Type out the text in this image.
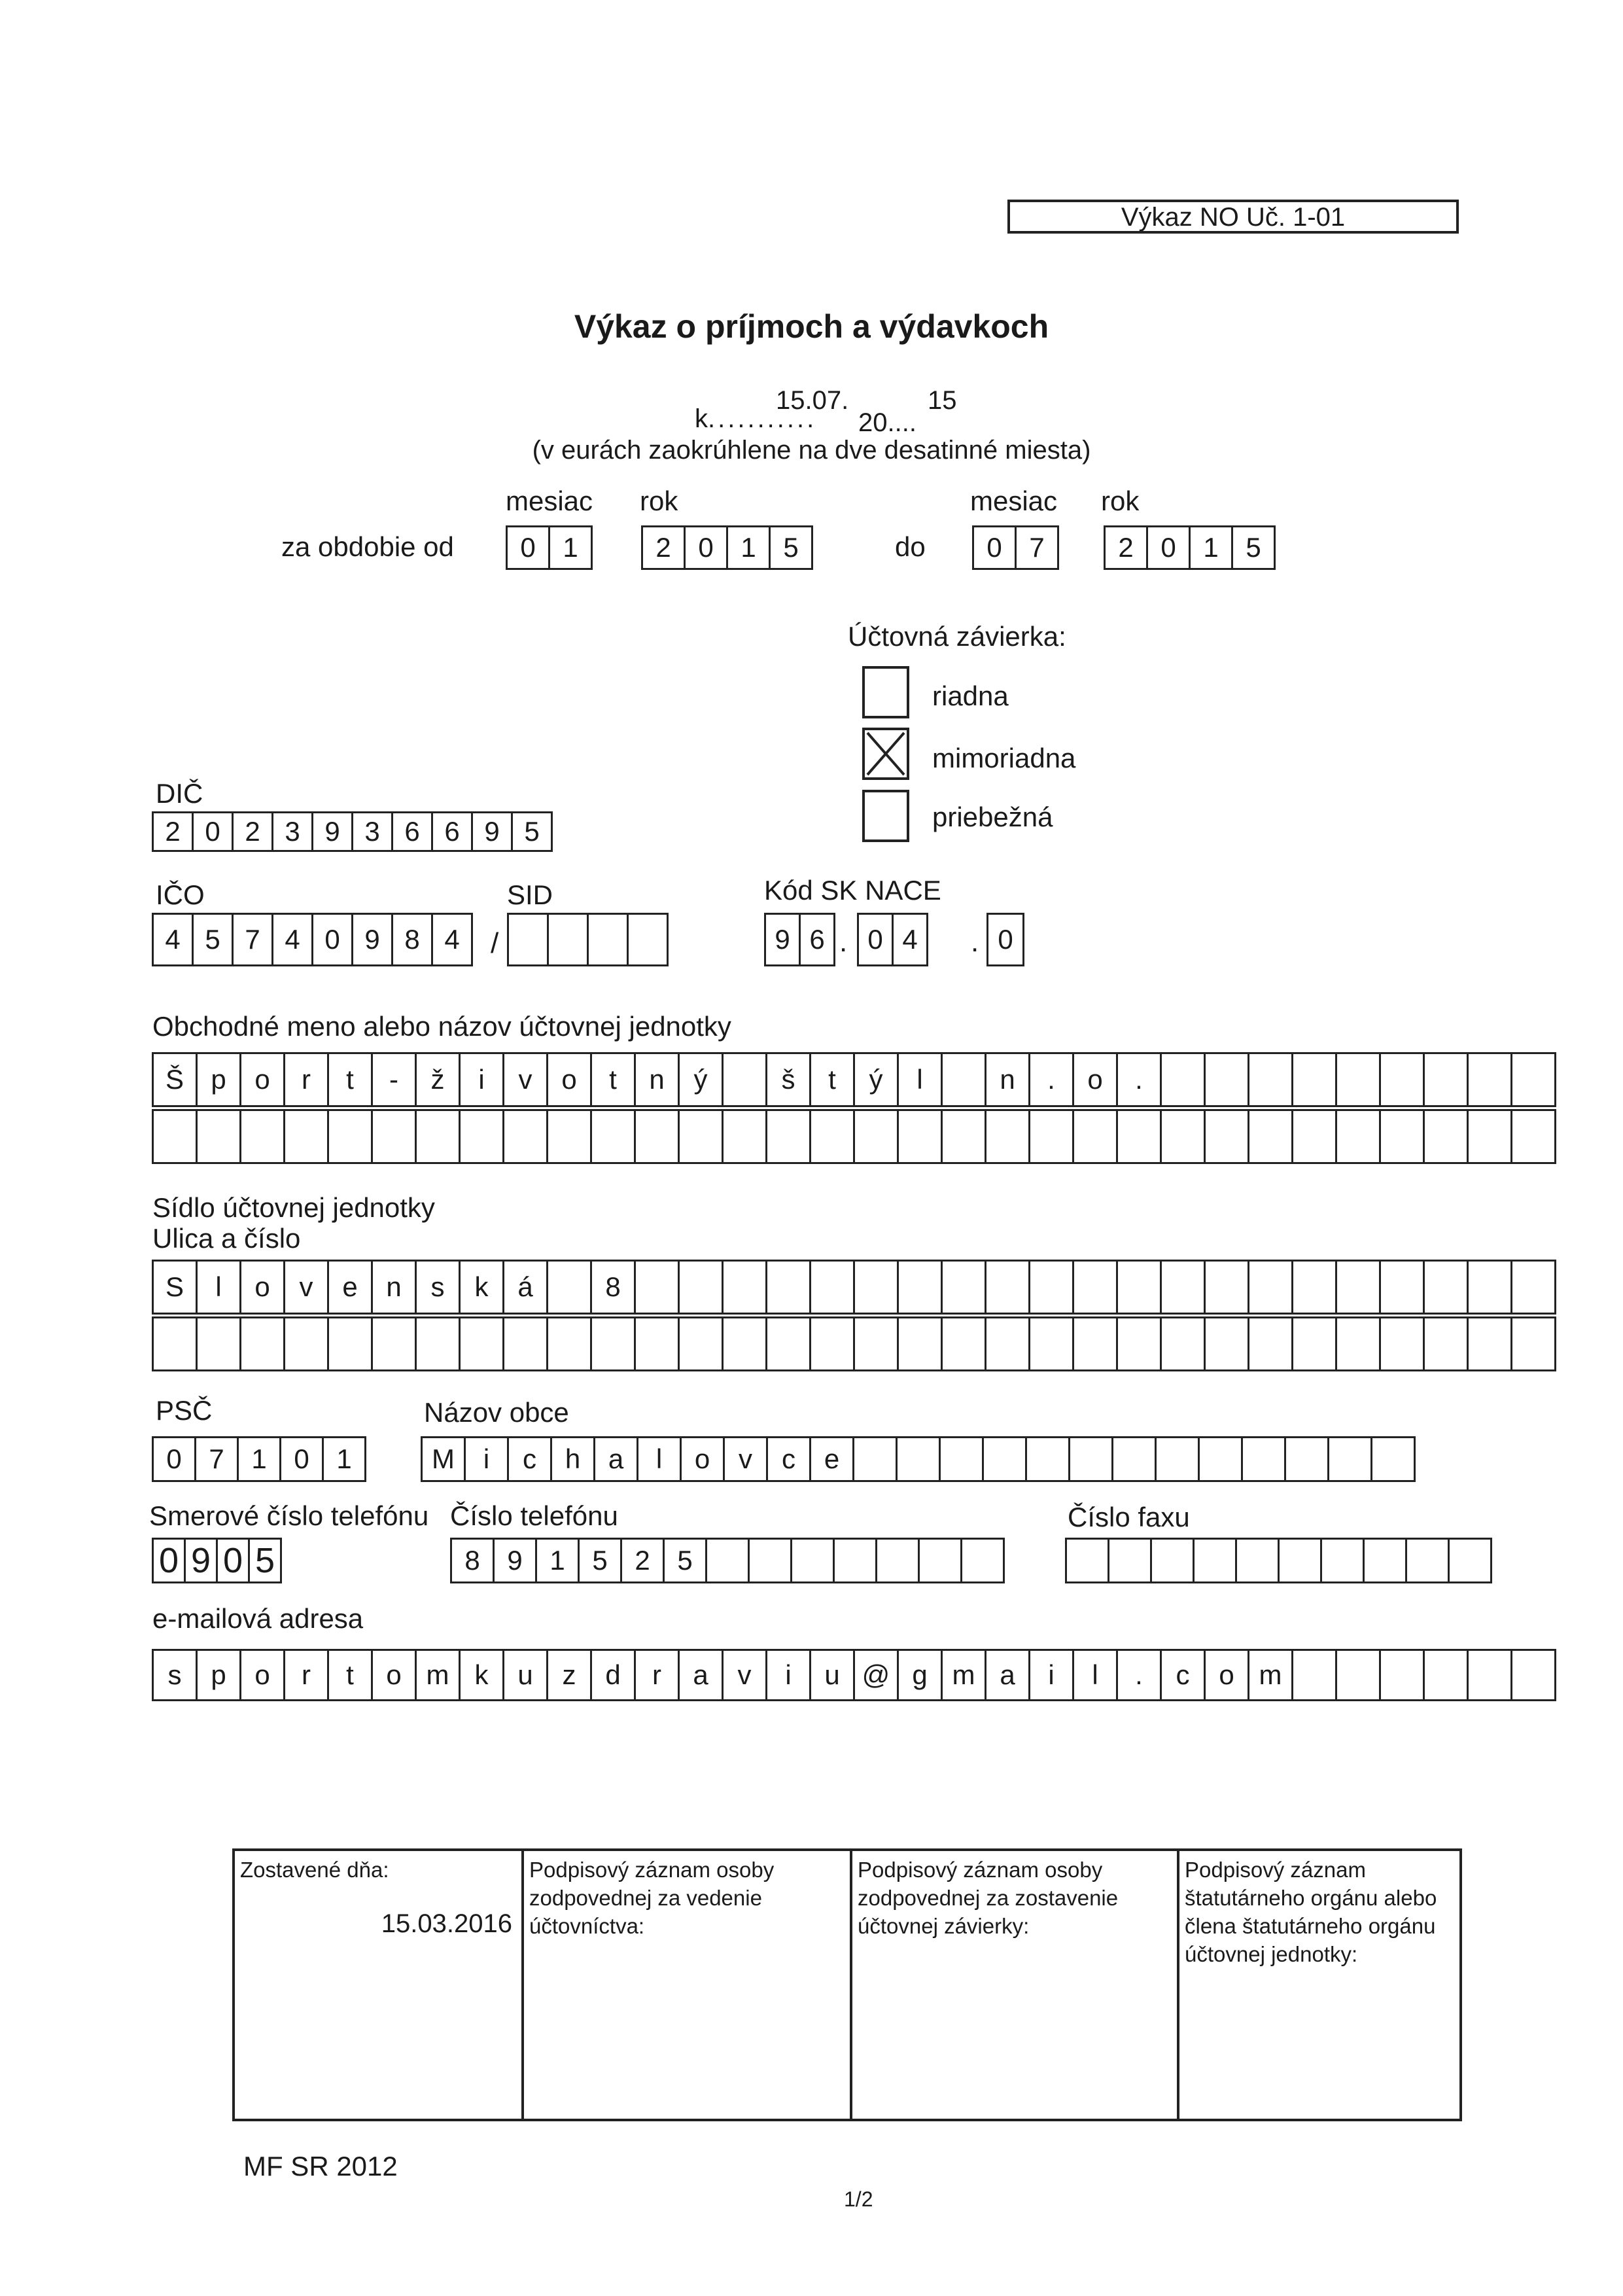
Výkaz NO Uč. 1-01
Výkaz o príjmoch a výdavkoch
k...........
15.07.
20....
15
(v eurách zaokrúhlene na dve desatinné miesta)
mesiac rok	mesiac rok
za obdobie od	0 1	2 0 1 5	do	0 7	2 0 1 5
Účtovná závierka:
riadna
mimoriadna
priebežná
DIČ
2 0 2 3 9 3 6 6 9 5
IČO
4 5 7 4 0 9 8 4	/
SID	Kód SK NACE
9 6 . 0 4	. 0
Obchodné meno alebo názov účtovnej jednotky
Š p	o	r	t	-	ž	i	v	o	t	n	ý	š	t	ý	l	n	.	o	.
Sídlo účtovnej jednotky
Ulica a číslo
S	l	o	v	e	n	s	k	á	8
PSČ
0 7 1 0 1
Názov obce
M	i	c	h	a	l	o	v	c	e
Smerové číslo telefónu
0 9 0 5
Číslo telefónu
8 9 1 5 2 5
Číslo faxu
e-mailová adresa
s	p	o	r	t	o m k	u	z	d	r	a	v	i	u @ g m a	i	l	.	c	o m
Zostavené dňa:
15.03.2016
Podpisový záznam osoby zodpovednej za vedenie účtovníctva:
Podpisový záznam osoby zodpovednej za zostavenie účtovnej závierky:
Podpisový záznam štatutárneho orgánu alebo člena štatutárneho orgánu účtovnej jednotky:
MF SR 2012
1/2
